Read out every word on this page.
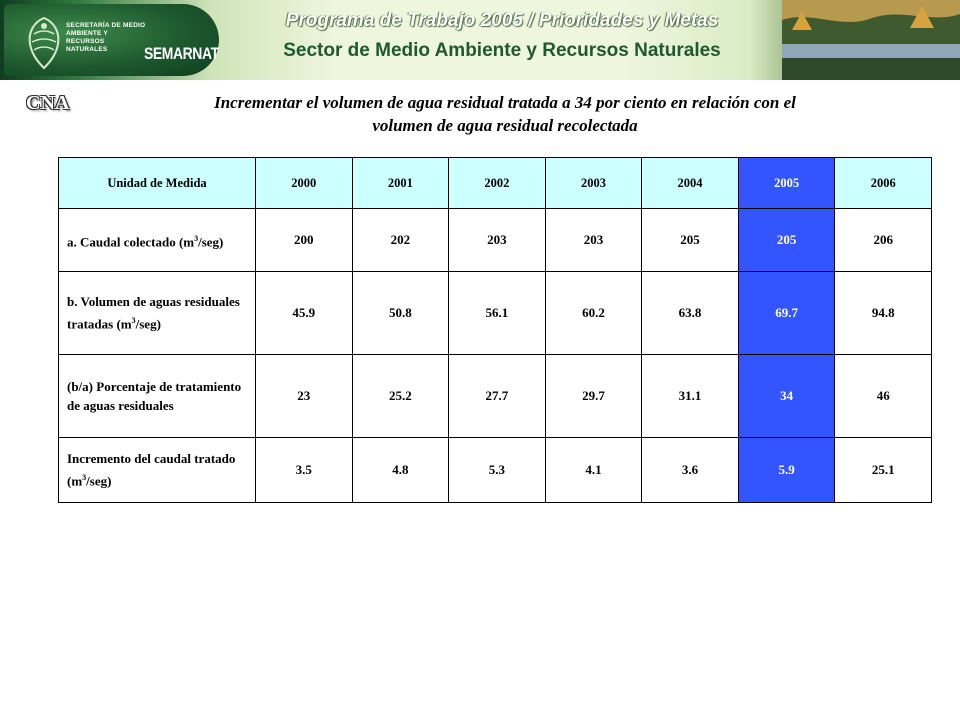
SECRETARÍA DE MEDIO AMBIENTE Y RECURSOS NATURALES	SEMARNAT
Programa de Trabajo 2005 / Prioridades y Metas
Sector de Medio Ambiente y Recursos Naturales
CNA	Incrementar el volumen de agua residual tratada a 34 por ciento en relación con el
volumen de agua residual recolectada
Unidad de Medida	2000	2001	2002	2003	2004	2005	2006
a. Caudal colectado $(m^3/seg)$	200	202	203	203	205	205	206
b. Volumen de aguas residuales tratadas $(m^3/seg)$	45.9	50.8	56.1	60.2	63.8	69.7	94.8
(b/a) Porcentaje de tratamiento de aguas residuales	23	25.2	27.7	29.7	31.1	34	46
Incremento del caudal tratado $(m^3/seg)$	3.5	4.8	5.3	4.1	3.6	5.9	25.1
